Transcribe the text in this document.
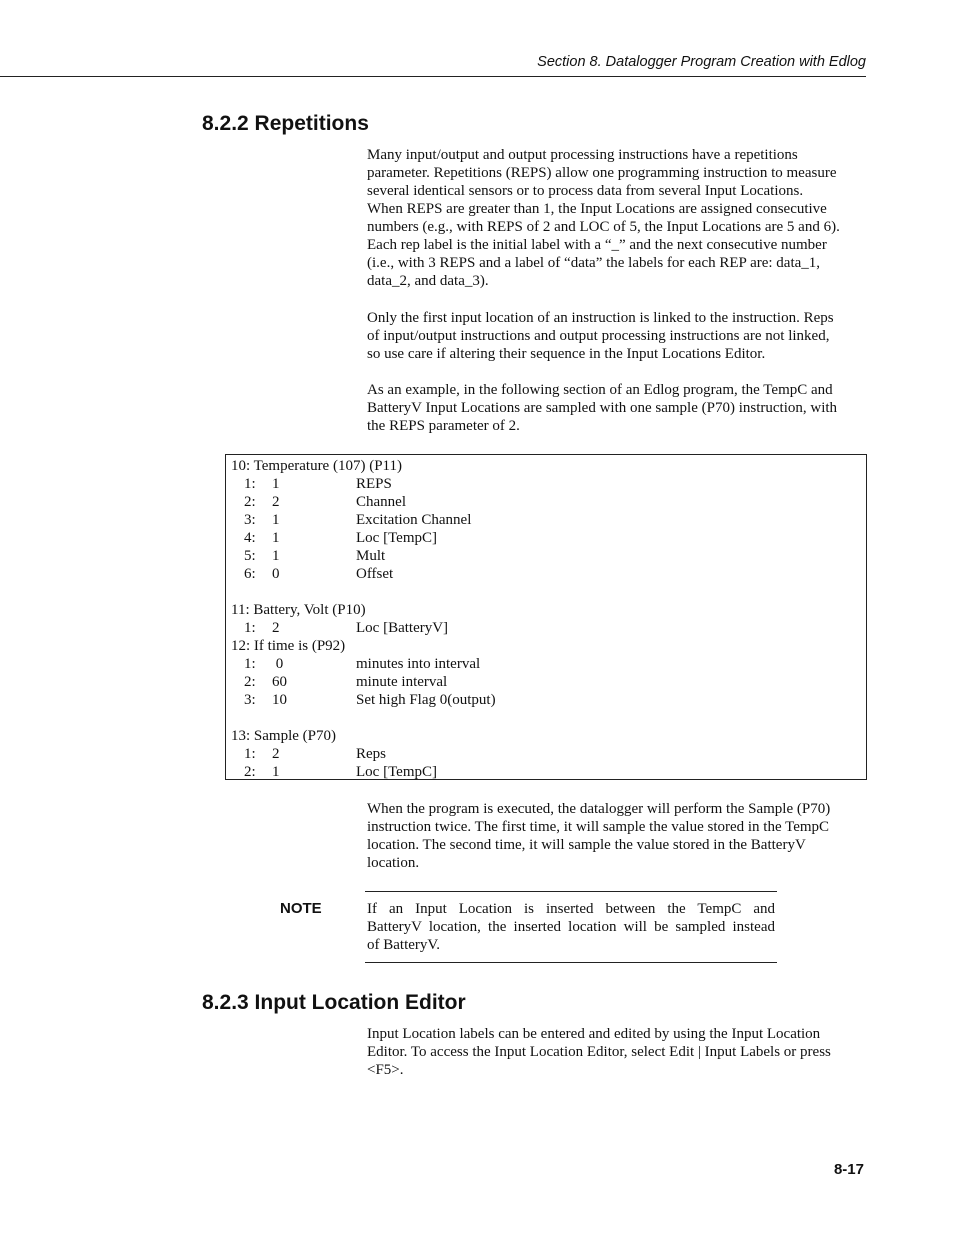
Section 8. Datalogger Program Creation with Edlog
8.2.2 Repetitions

Many input/output and output processing instructions have a repetitions
parameter. Repetitions (REPS) allow one programming instruction to measure
several identical sensors or to process data from several Input Locations.
When REPS are greater than 1, the Input Locations are assigned consecutive
numbers (e.g., with REPS of 2 and LOC of 5, the Input Locations are 5 and 6).
Each rep label is the initial label with a “_” and the next consecutive number
(i.e., with 3 REPS and a label of “data” the labels for each REP are: data_1,
data_2, and data_3).

Only the first input location of an instruction is linked to the instruction. Reps
of input/output instructions and output processing instructions are not linked,
so use care if altering their sequence in the Input Locations Editor.

As an example, in the following section of an Edlog program, the TempC and
BatteryV Input Locations are sampled with one sample (P70) instruction, with
the REPS parameter of 2.

10: Temperature (107) (P11)
1: 1	REPS
2: 2	Channel
3: 1	Excitation Channel
4: 1	Loc [TempC]
5: 1	Mult
6: 0	Offset
11: Battery, Volt (P10)
1: 2	Loc [BatteryV]
12: If time is (P92)
1: 0	minutes into interval
2: 60	minute interval
3: 10	Set high Flag 0(output)
13: Sample (P70)
1: 2	Reps
2: 1	Loc [TempC]

When the program is executed, the datalogger will perform the Sample (P70)
instruction twice. The first time, it will sample the value stored in the TempC
location. The second time, it will sample the value stored in the BatteryV
location.

NOTE	If an Input Location is inserted between the TempC and
BatteryV location, the inserted location will be sampled instead
of BatteryV.

8.2.3 Input Location Editor

Input Location labels can be entered and edited by using the Input Location
Editor. To access the Input Location Editor, select Edit | Input Labels or press
<F5>.

8-17
